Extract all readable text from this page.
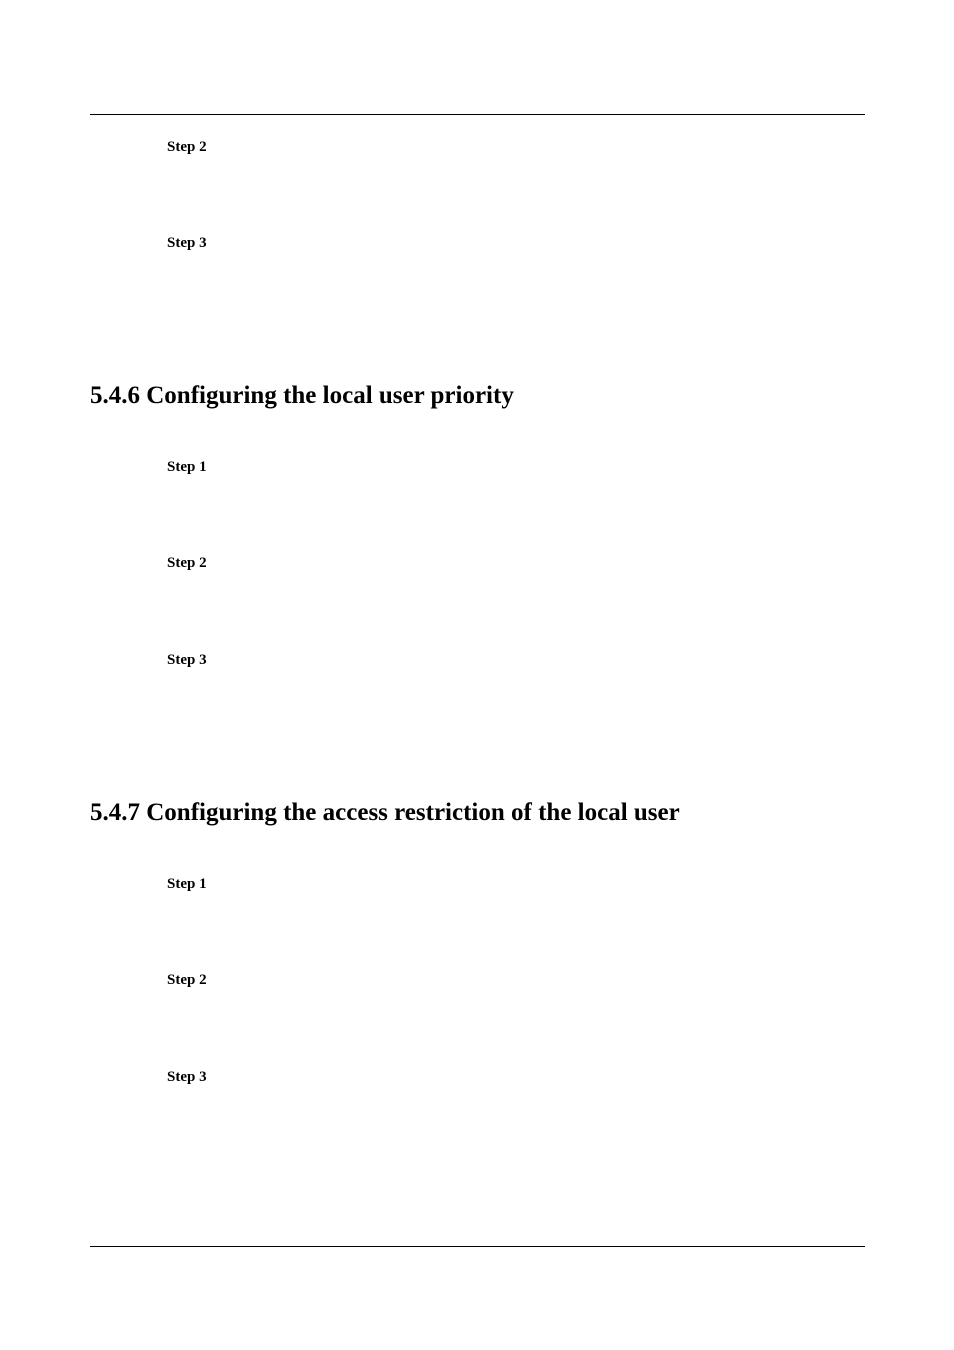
Step 2
Step 3
5.4.6 Configuring the local user priority
Step 1
Step 2
Step 3
5.4.7 Configuring the access restriction of the local user
Step 1
Step 2
Step 3
